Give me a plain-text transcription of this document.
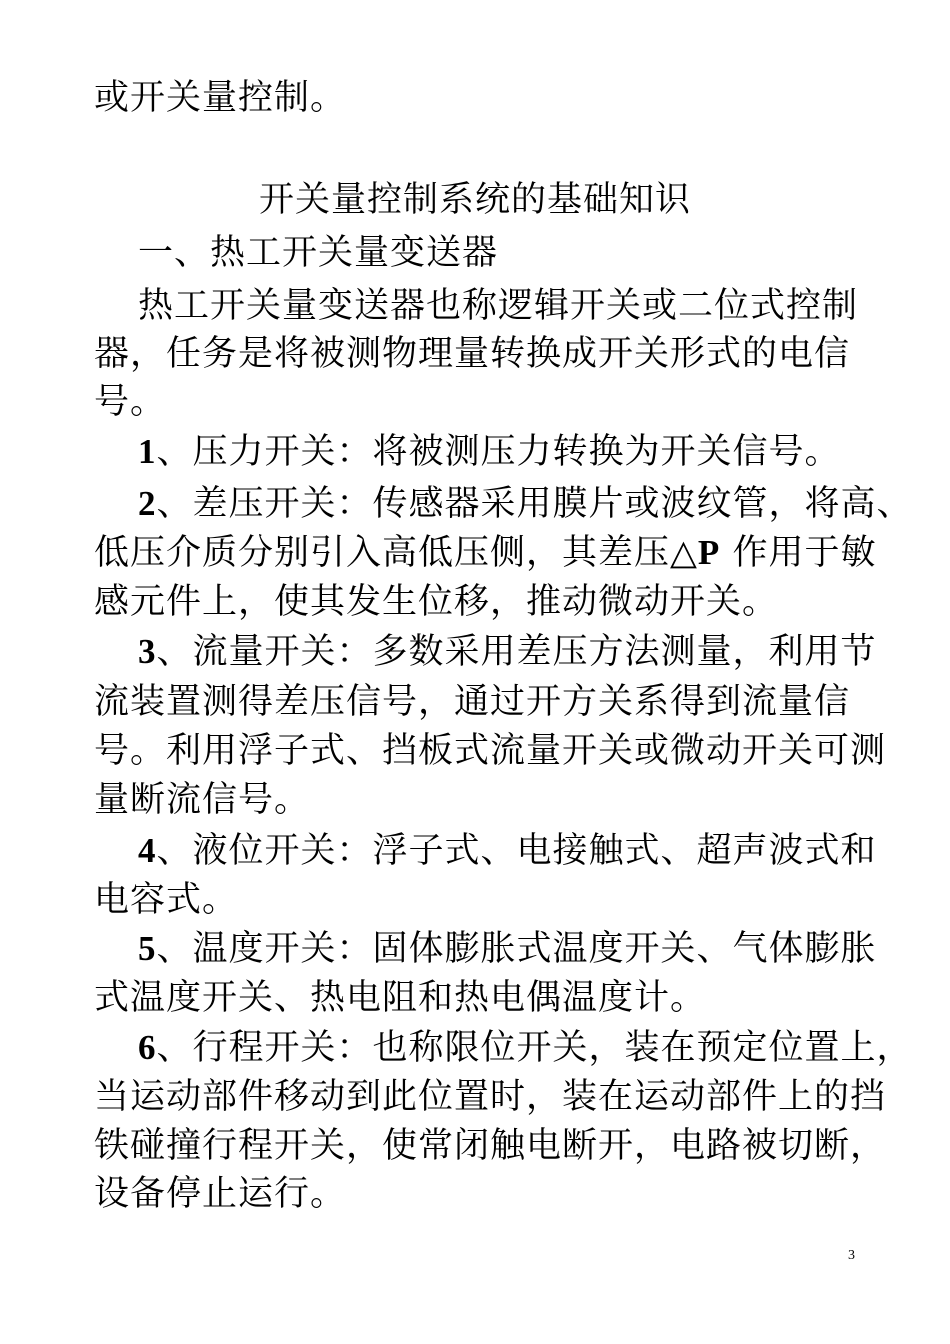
或开关量控制。
开关量控制系统的基础知识
一、热工开关量变送器
热工开关量变送器也称逻辑开关或二位式控制
器，任务是将被测物理量转换成开关形式的电信
号。
1、压力开关：将被测压力转换为开关信号。
2、差压开关：传感器采用膜片或波纹管，将高、
低压介质分别引入高低压侧，其差压△P 作用于敏
感元件上，使其发生位移，推动微动开关。
3、流量开关：多数采用差压方法测量，利用节
流装置测得差压信号，通过开方关系得到流量信
号。利用浮子式、挡板式流量开关或微动开关可测
量断流信号。
4、液位开关：浮子式、电接触式、超声波式和
电容式。
5、温度开关：固体膨胀式温度开关、气体膨胀
式温度开关、热电阻和热电偶温度计。
6、行程开关：也称限位开关，装在预定位置上，
当运动部件移动到此位置时，装在运动部件上的挡
铁碰撞行程开关，使常闭触电断开，电路被切断，
设备停止运行。
3
